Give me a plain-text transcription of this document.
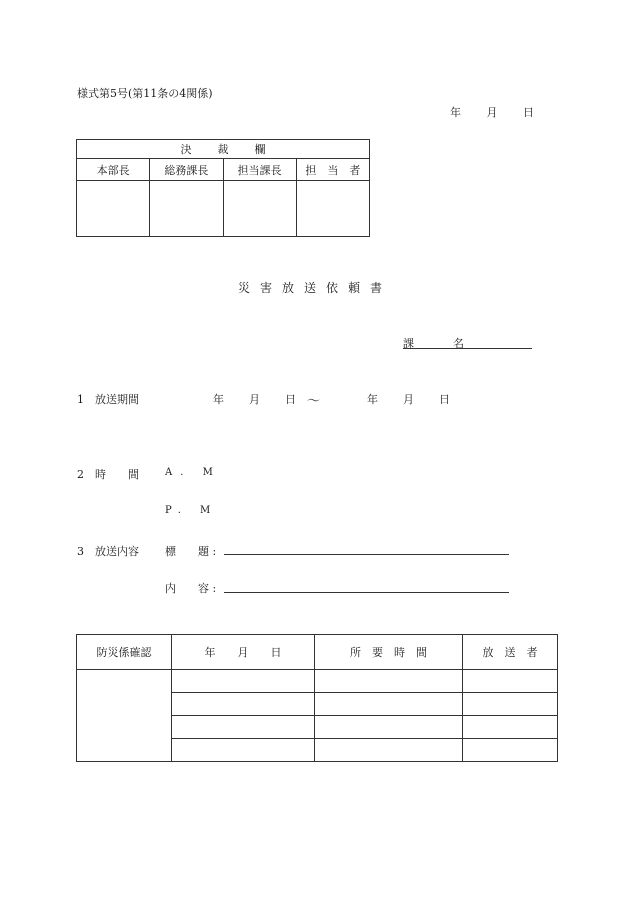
様式第5号(第11条の4関係)
年 月 日
決裁欄			
本部長	総務課長	担当課長	担　当　者

災害放送依頼書
課　名
1 放送期間	年 月 日 〜	年 月 日
2 時　　間	A. M
P. M
3 放送内容 標　　題 :
内　　容 :
防災係確認	年　　月　　日	所　要　時　間	放　送　者
